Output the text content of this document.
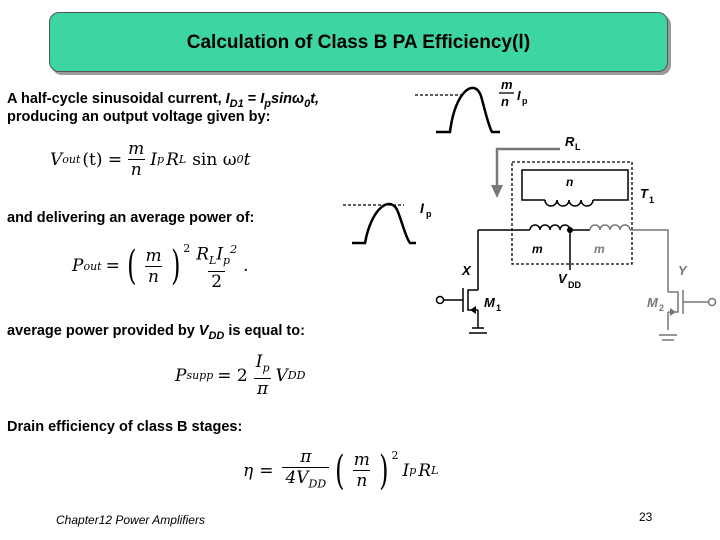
Calculation of Class B PA Efficiency(Ⅰ)
A half-cycle sinusoidal current, $I_{D1} = I_p\sin\omega_0t$,
producing an output voltage given by:
V out $(t) = \frac{m}{n}$ I p R L sin ω 0 t
and delivering an average power of:
P out = ( $\frac{m}{n}$ ) $^2 \frac{R_LI_p^2}{2}$ .
average power provided by $V_{DD}$ is equal to:
P supp = $2 \frac{I_p}{\pi}$ V DD
Drain efficiency of class B stages:
$\eta = \frac{\pi}{4V_{DD}}$ ( $\frac{m}{n}$ ) $^2$
I p R L
m
n I p
I p
R L
n
T 1
m	m
V DD
X
M 1
Y
M 2
Chapter12 Power Amplifiers	23
